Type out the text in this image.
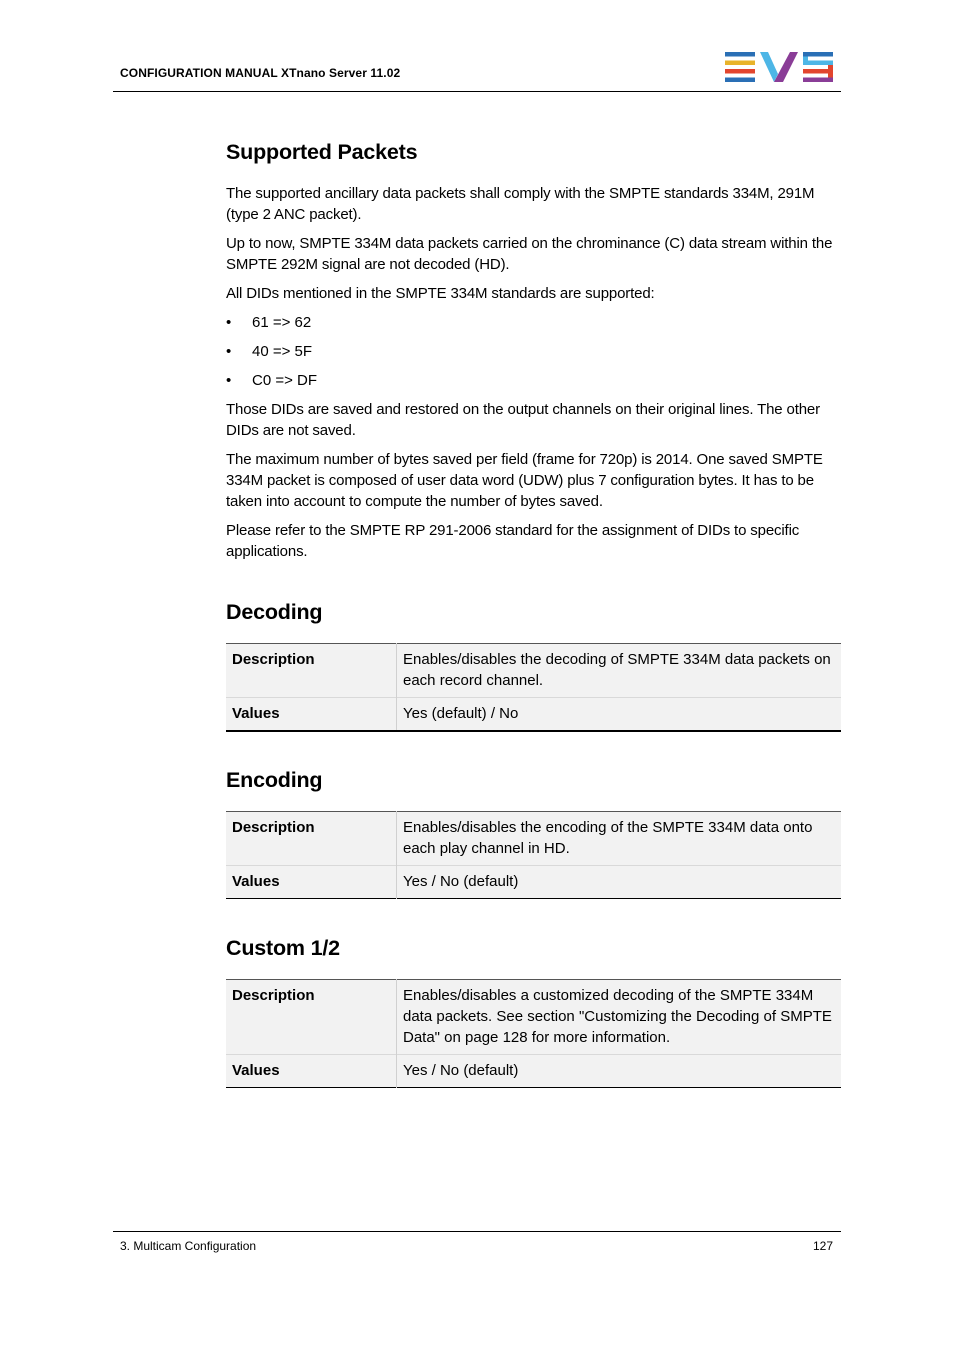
CONFIGURATION MANUAL XTnano Server 11.02
Supported Packets

The supported ancillary data packets shall comply with the SMPTE standards 334M, 291M (type 2 ANC packet).

Up to now, SMPTE 334M data packets carried on the chrominance (C) data stream within the SMPTE 292M signal are not decoded (HD).

All DIDs mentioned in the SMPTE 334M standards are supported:

• 61 => 62
• 40 => 5F
• C0 => DF

Those DIDs are saved and restored on the output channels on their original lines. The other DIDs are not saved.

The maximum number of bytes saved per field (frame for 720p) is 2014. One saved SMPTE 334M packet is composed of user data word (UDW) plus 7 configuration bytes. It has to be taken into account to compute the number of bytes saved.

Please refer to the SMPTE RP 291-2006 standard for the assignment of DIDs to specific applications.

Decoding
Description	Enables/disables the decoding of SMPTE 334M data packets on each record channel.
Values	Yes (default) / No
Encoding
Description	Enables/disables the encoding of the SMPTE 334M data onto each play channel in HD.
Values	Yes / No (default)
Custom 1/2
Description	Enables/disables a customized decoding of the SMPTE 334M data packets. See section "Customizing the Decoding of SMPTE Data" on page 128 for more information.
Values	Yes / No (default)
3. Multicam Configuration	127
